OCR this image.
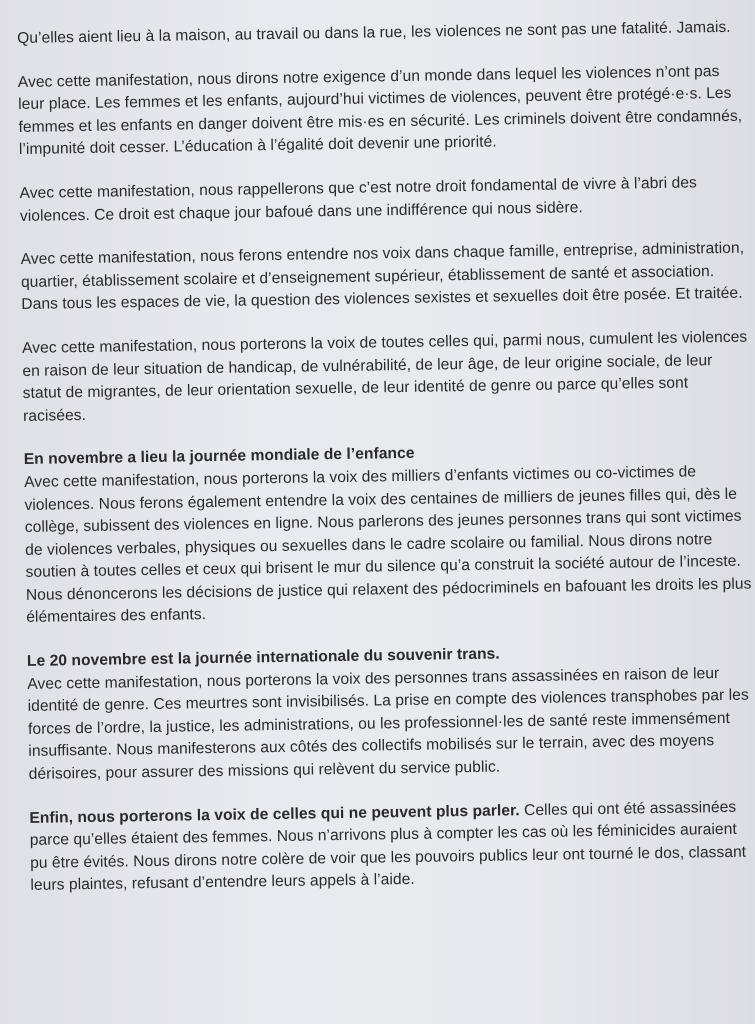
Qu’elles aient lieu à la maison, au travail ou dans la rue, les violences ne sont pas une fatalité. Jamais.

Avec cette manifestation, nous dirons notre exigence d’un monde dans lequel les violences n’ont pas leur place. Les femmes et les enfants, aujourd’hui victimes de violences, peuvent être protégé·e·s. Les femmes et les enfants en danger doivent être mis·es en sécurité. Les criminels doivent être condamnés, l’impunité doit cesser. L’éducation à l’égalité doit devenir une priorité.

Avec cette manifestation, nous rappellerons que c’est notre droit fondamental de vivre à l’abri des violences. Ce droit est chaque jour bafoué dans une indifférence qui nous sidère.

Avec cette manifestation, nous ferons entendre nos voix dans chaque famille, entreprise, administration, quartier, établissement scolaire et d’enseignement supérieur, établissement de santé et association. Dans tous les espaces de vie, la question des violences sexistes et sexuelles doit être posée. Et traitée.

Avec cette manifestation, nous porterons la voix de toutes celles qui, parmi nous, cumulent les violences en raison de leur situation de handicap, de vulnérabilité, de leur âge, de leur origine sociale, de leur statut de migrantes, de leur orientation sexuelle, de leur identité de genre ou parce qu’elles sont racisées.

En novembre a lieu la journée mondiale de l’enfance
Avec cette manifestation, nous porterons la voix des milliers d’enfants victimes ou co-victimes de violences. Nous ferons également entendre la voix des centaines de milliers de jeunes filles qui, dès le collège, subissent des violences en ligne. Nous parlerons des jeunes personnes trans qui sont victimes de violences verbales, physiques ou sexuelles dans le cadre scolaire ou familial. Nous dirons notre soutien à toutes celles et ceux qui brisent le mur du silence qu’a construit la société autour de l’inceste. Nous dénoncerons les décisions de justice qui relaxent des pédocriminels en bafouant les droits les plus élémentaires des enfants.

Le 20 novembre est la journée internationale du souvenir trans.
Avec cette manifestation, nous porterons la voix des personnes trans assassinées en raison de leur identité de genre. Ces meurtres sont invisibilisés. La prise en compte des violences transphobes par les forces de l’ordre, la justice, les administrations, ou les professionnel·les de santé reste immensément insuffisante. Nous manifesterons aux côtés des collectifs mobilisés sur le terrain, avec des moyens dérisoires, pour assurer des missions qui relèvent du service public.

Enfin, nous porterons la voix de celles qui ne peuvent plus parler. Celles qui ont été assassinées parce qu’elles étaient des femmes. Nous n’arrivons plus à compter les cas où les féminicides auraient pu être évités. Nous dirons notre colère de voir que les pouvoirs publics leur ont tourné le dos, classant leurs plaintes, refusant d’entendre leurs appels à l’aide.
